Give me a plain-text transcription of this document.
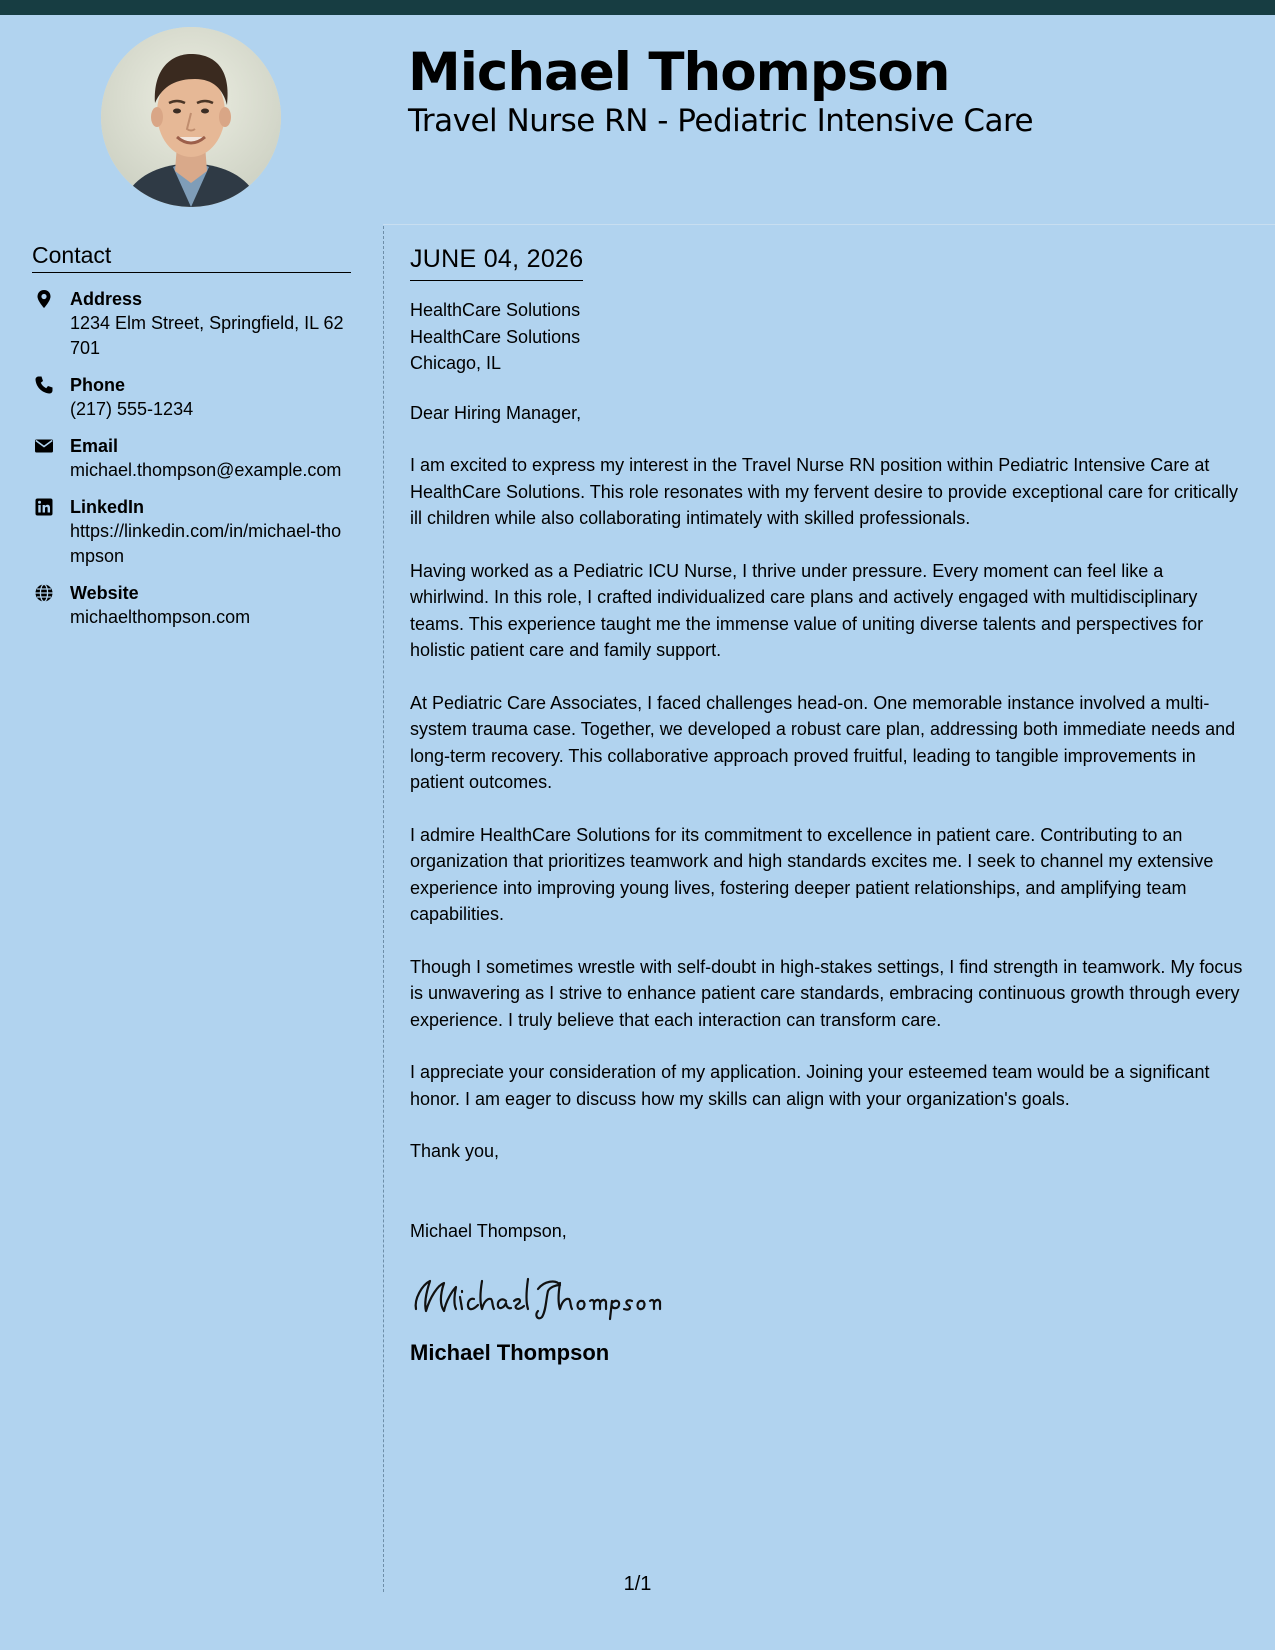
Michael Thompson
Travel Nurse RN - Pediatric Intensive Care
Contact
Address
1234 Elm Street, Springfield, IL 62701
Phone
(217) 555-1234
Email
michael.thompson@example.com
LinkedIn
https://linkedin.com/in/michael-thompson
Website
michaelthompson.com
JUNE 04, 2026
HealthCare Solutions
HealthCare Solutions
Chicago, IL
Dear Hiring Manager,
I am excited to express my interest in the Travel Nurse RN position within Pediatric Intensive Care at HealthCare Solutions. This role resonates with my fervent desire to provide exceptional care for critically ill children while also collaborating intimately with skilled professionals.
Having worked as a Pediatric ICU Nurse, I thrive under pressure. Every moment can feel like a whirlwind. In this role, I crafted individualized care plans and actively engaged with multidisciplinary teams. This experience taught me the immense value of uniting diverse talents and perspectives for holistic patient care and family support.
At Pediatric Care Associates, I faced challenges head-on. One memorable instance involved a multi-system trauma case. Together, we developed a robust care plan, addressing both immediate needs and long-term recovery. This collaborative approach proved fruitful, leading to tangible improvements in patient outcomes.
I admire HealthCare Solutions for its commitment to excellence in patient care. Contributing to an organization that prioritizes teamwork and high standards excites me. I seek to channel my extensive experience into improving young lives, fostering deeper patient relationships, and amplifying team capabilities.
Though I sometimes wrestle with self-doubt in high-stakes settings, I find strength in teamwork. My focus is unwavering as I strive to enhance patient care standards, embracing continuous growth through every experience. I truly believe that each interaction can transform care.
I appreciate your consideration of my application. Joining your esteemed team would be a significant honor. I am eager to discuss how my skills can align with your organization's goals.
Thank you,
Michael Thompson,
Michael Thompson
1/1
